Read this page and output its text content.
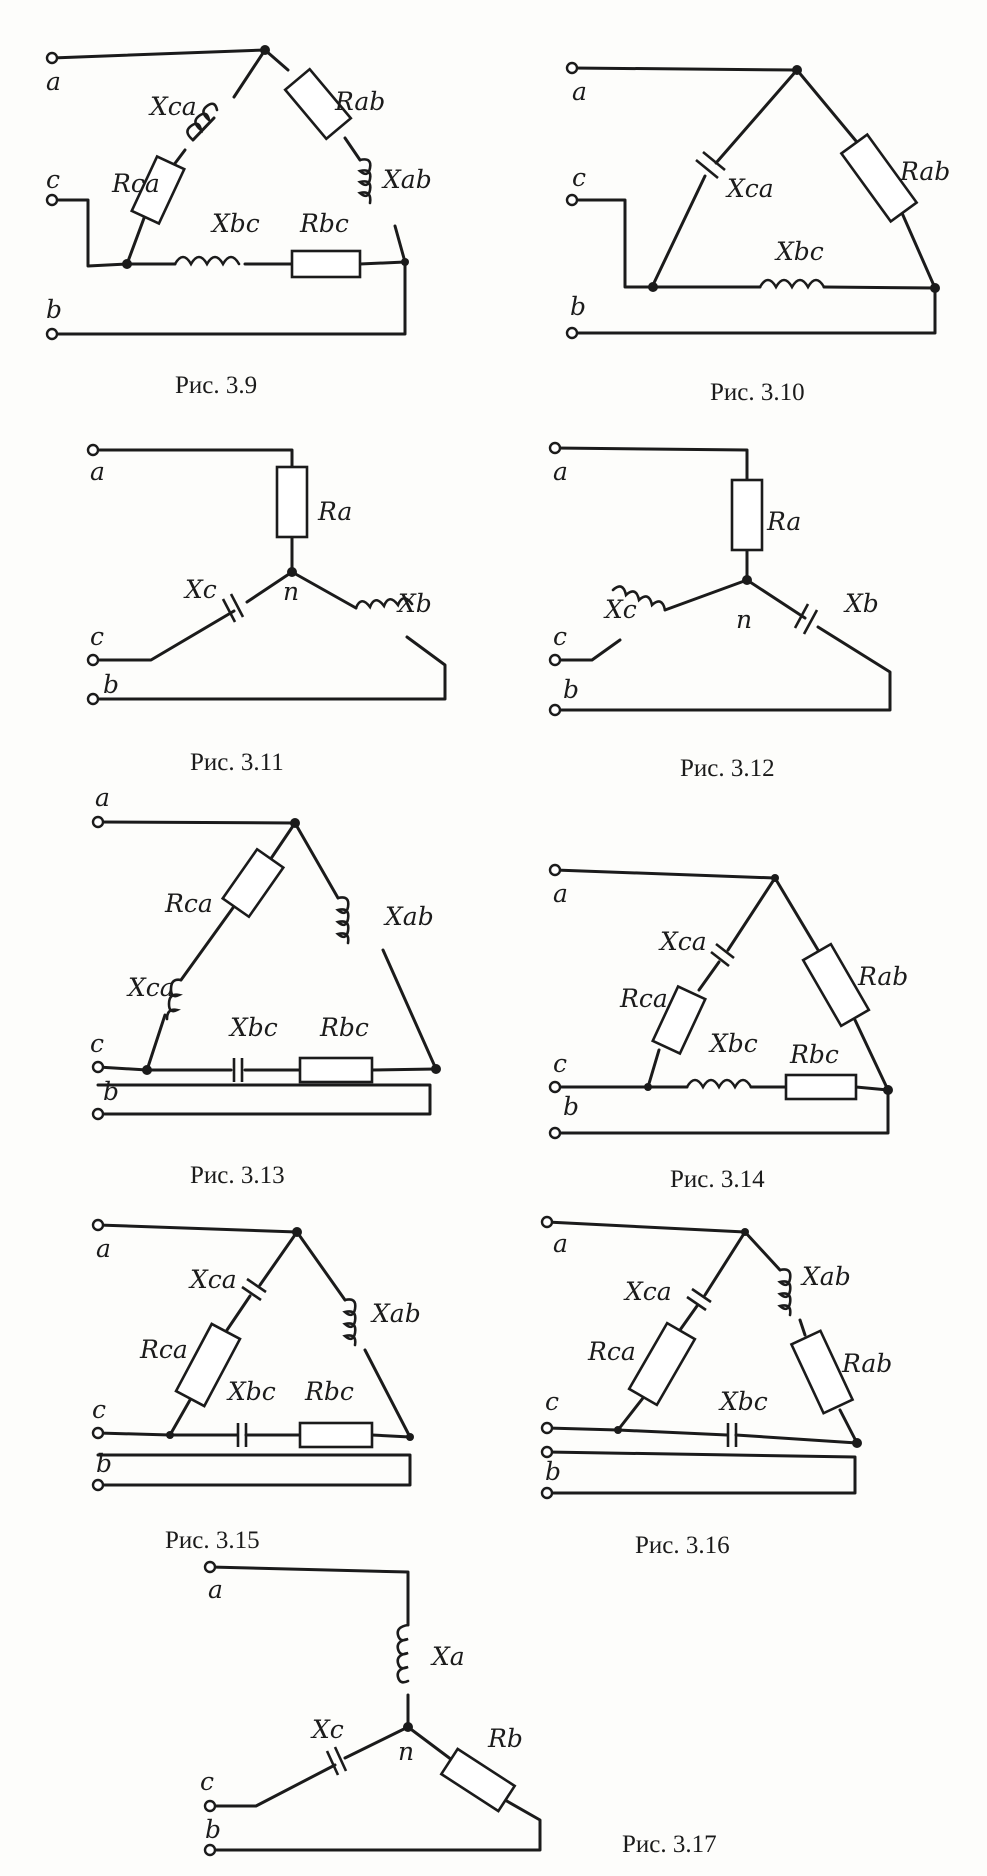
a
c
b
Xca	Rab
Xab
Rca
Xbc Rbc
Рис. 3.9
a
c
b
Xca
Rab
Xbc
Рис. 3.10
a
c
b
n
Ra
Xc	Xb
Рис. 3.11
a
c
b
n
Ra
Xc	Xb
Рис. 3.12
a
c
b
Rca	Xab
Xca
Xbc Rbc
Рис. 3.13
a
c
b
Xca
Rab
Rca
Xbc Rbc
Рис. 3.14
a
c
b
Xca
Xab
Rca
Xbc Rbc
Рис. 3.15
a
c
b
Xab
Xca
Rca	Rab
Xbc
Рис. 3.16
a
c
b
n
Xa
Xc	Rb
Рис. 3.17
